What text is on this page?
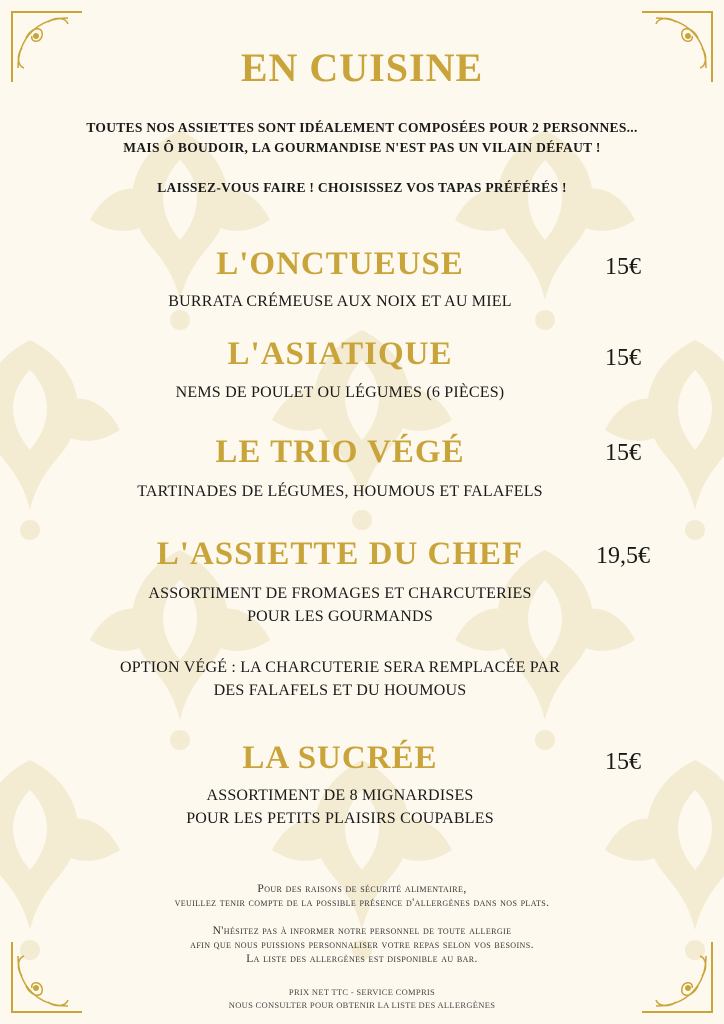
EN CUISINE
TOUTES NOS ASSIETTES SONT IDÉALEMENT COMPOSÉES POUR 2 PERSONNES...
MAIS Ô BOUDOIR, LA GOURMANDISE N'EST PAS UN VILAIN DÉFAUT !
LAISSEZ-VOUS FAIRE ! CHOISISSEZ VOS TAPAS PRÉFÉRÉS !
L'ONCTUEUSE	15€
BURRATA CRÉMEUSE AUX NOIX ET AU MIEL
L'ASIATIQUE	15€
NEMS DE POULET OU LÉGUMES (6 PIÈCES)
LE TRIO VÉGÉ	15€
TARTINADES DE LÉGUMES, HOUMOUS ET FALAFELS
L'ASSIETTE DU CHEF	19,5€
ASSORTIMENT DE FROMAGES ET CHARCUTERIES
POUR LES GOURMANDS
OPTION VÉGÉ : LA CHARCUTERIE SERA REMPLACÉE PAR
DES FALAFELS ET DU HOUMOUS
LA SUCRÉE	15€
ASSORTIMENT DE 8 MIGNARDISES
POUR LES PETITS PLAISIRS COUPABLES
Pour des raisons de sécurité alimentaire,
veuillez tenir compte de la possible présence d'allergènes dans nos plats.
N'hésitez pas à informer notre personnel de toute allergie
afin que nous puissions personnaliser votre repas selon vos besoins.
La liste des allergènes est disponible au bar.
PRIX NET TTC - SERVICE COMPRIS
NOUS CONSULTER POUR OBTENIR LA LISTE DES ALLERGÈNES
